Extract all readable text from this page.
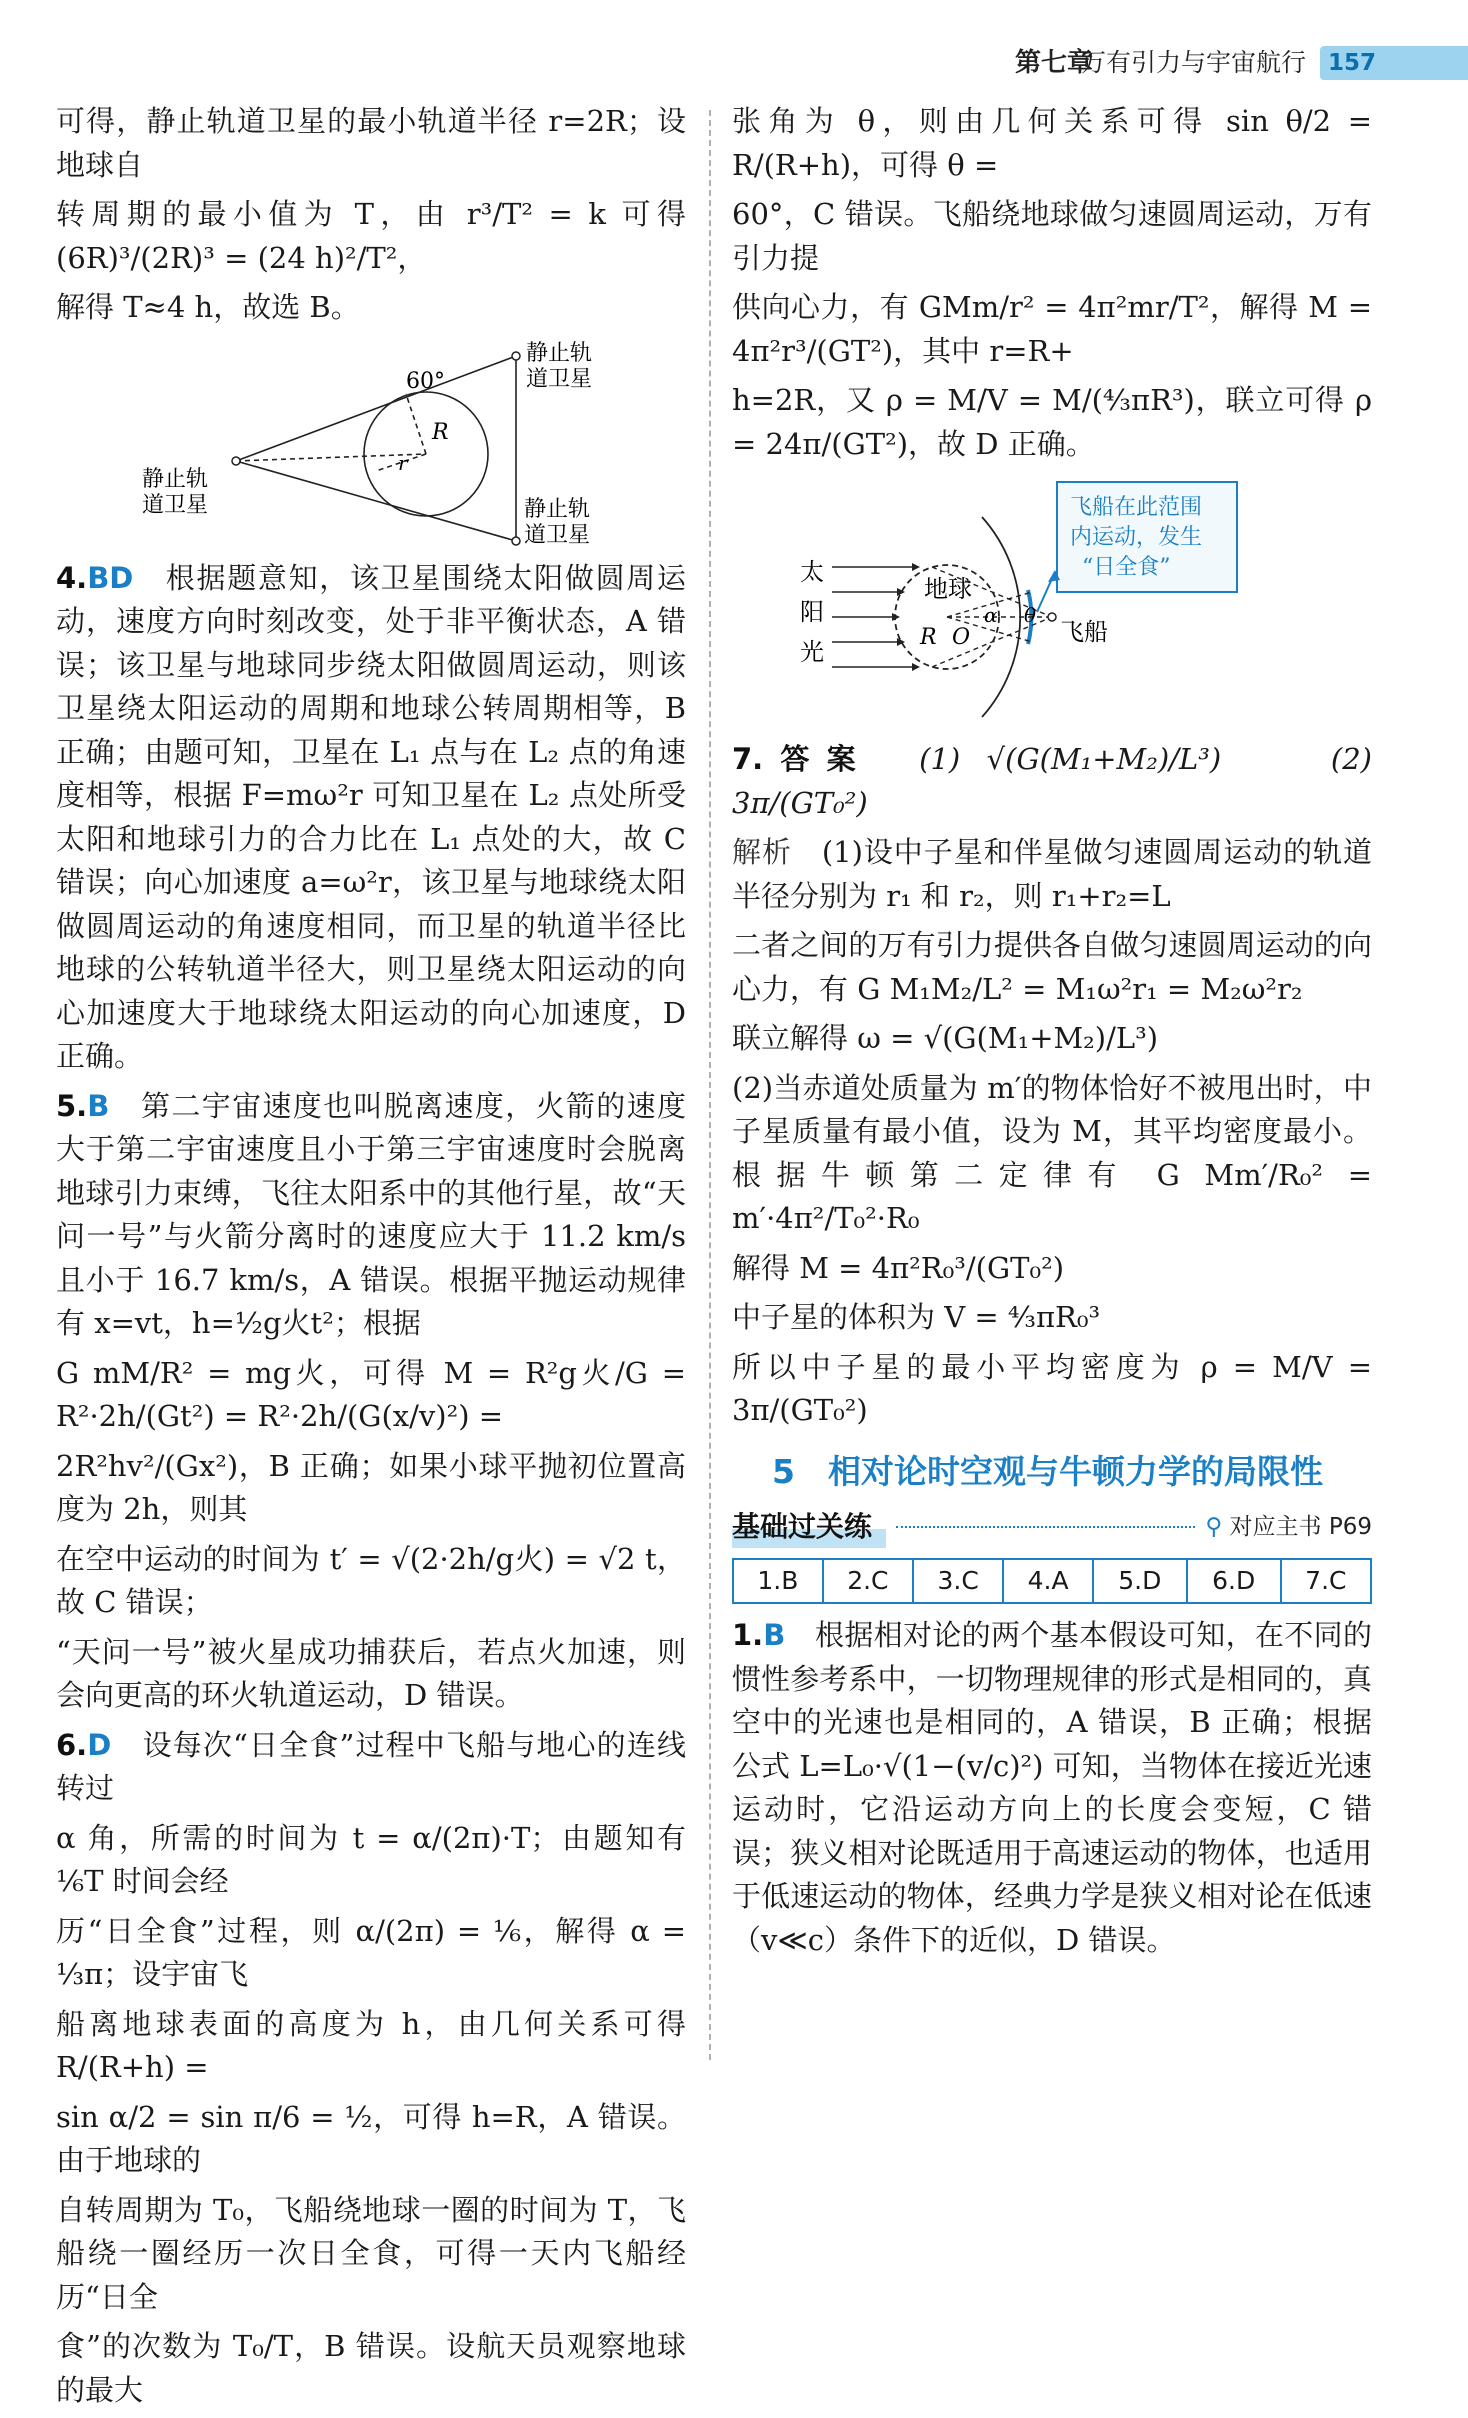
第七章
万有引力与宇宙航行 157

可得，静止轨道卫星的最小轨道半径 r=2R；设地球自

转周期的最小值为 T，由 r³/T² = k 可得 (6R)³/(2R)³ = (24 h)²/T²，

解得 T≈4 h，故选 B。

60°
r
R
静止轨
道卫星
静止轨
道卫星	静止轨
道卫星

4.BD　 根据题意知，该卫星围绕太阳做圆周运动，速度方向时刻改变，处于非平衡状态，A 错误；该卫星与地球同步绕太阳做圆周运动，则该卫星绕太阳运动的周期和地球公转周期相等，B 正确；由题可知，卫星在 L₁ 点与在 L₂ 点的角速度相等，根据 F=mω²r 可知卫星在 L₂ 点处所受太阳和地球引力的合力比在 L₁ 点处的大，故 C 错误；向心加速度 a=ω²r，该卫星与地球绕太阳做圆周运动的角速度相同，而卫星的轨道半径比地球的公转轨道半径大，则卫星绕太阳运动的向心加速度大于地球绕太阳运动的向心加速度，D 正确。

5.B　 第二宇宙速度也叫脱离速度，火箭的速度大于第二宇宙速度且小于第三宇宙速度时会脱离地球引力束缚，飞往太阳系中的其他行星，故“天问一号”与火箭分离时的速度应大于 11.2 km/s 且小于 16.7 km/s，A 错误。根据平抛运动规律有 x=vt，h=½g火t²；根据

G mM/R² = mg火，可得 M = R²g火/G = R²·2h/(Gt²) = R²·2h/(G(x/v)²) =

2R²hv²/(Gx²)，B 正确；如果小球平抛初位置高度为 2h，则其

在空中运动的时间为 t′ = √(2·2h/g火) = √2 t，故 C 错误；

“天问一号”被火星成功捕获后，若点火加速，则会向更高的环火轨道运动，D 错误。

6.D　 设每次“日全食”过程中飞船与地心的连线转过

α 角，所需的时间为 t = α/(2π)·T；由题知有 ⅙T 时间会经

历“日全食”过程，则 α/(2π) = ⅙，解得 α = ⅓π；设宇宙飞

船离地球表面的高度为 h，由几何关系可得 R/(R+h) =

sin α/2 = sin π/6 = ½，可得 h=R，A 错误。由于地球的

自转周期为 T₀，飞船绕地球一圈的时间为 T，飞船绕一圈经历一次日全食，可得一天内飞船经历“日全

食”的次数为 T₀/T，B 错误。设航天员观察地球的最大

张角为 θ，则由几何关系可得 sin θ/2 = R/(R+h)，可得 θ =

60°，C 错误。飞船绕地球做匀速圆周运动，万有引力提

供向心力，有 GMm/r² = 4π²mr/T²，解得 M = 4π²r³/(GT²)，其中 r=R+

h=2R，又 ρ = M/V = M/(⁴⁄₃πR³)，联立可得 ρ = 24π/(GT²)，故 D 正确。

飞船在此范围
内运动，发生
“日全食”
太
阳
光
地球
R O
α θ
飞船

7.答案　 (1) √(G(M₁+M₂)/L³)　　	(2) 3π/(GT₀²)

解析　 (1)设中子星和伴星做匀速圆周运动的轨道半径分别为 r₁ 和 r₂，则 r₁+r₂=L

二者之间的万有引力提供各自做匀速圆周运动的向心力，有 G M₁M₂/L² = M₁ω²r₁ = M₂ω²r₂

联立解得 ω = √(G(M₁+M₂)/L³)

(2)当赤道处质量为 m′的物体恰好不被甩出时，中子星质量有最小值，设为 M，其平均密度最小。根据牛顿第二定律有 G Mm′/R₀² = m′·4π²/T₀²·R₀

解得 M = 4π²R₀³/(GT₀²)

中子星的体积为 V = ⁴⁄₃πR₀³

所以中子星的最小平均密度为 ρ = M/V = 3π/(GT₀²)

5　 相对论时空观与牛顿力学的局限性
基础过关练	⚲ 对应主书 P69
1.B	2.C	3.C	4.A	5.D	6.D	7.C

1.B　 根据相对论的两个基本假设可知，在不同的惯性参考系中，一切物理规律的形式是相同的，真空中的光速也是相同的，A 错误，B 正确；根据公式 L=L₀·√(1−(v/c)²) 可知，当物体在接近光速运动时，它沿运动方向上的长度会变短，C 错误；狭义相对论既适用于高速运动的物体，也适用于低速运动的物体，经典力学是狭义相对论在低速（v≪c）条件下的近似，D 错误。
